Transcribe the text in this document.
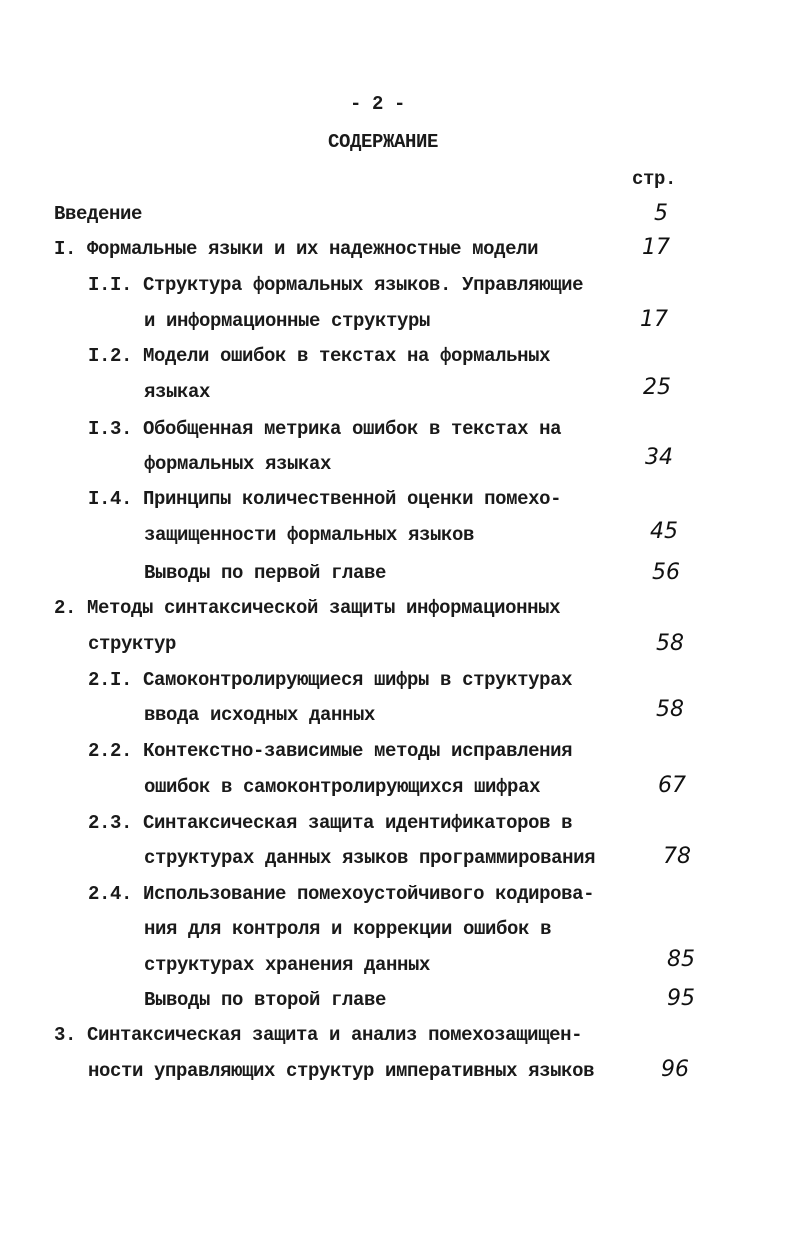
- 2 -
СОДЕРЖАНИЕ
стр.
Введение	5
I. Формальные языки и их надежностные модели	17
I.I. Структура формальных языков. Управляющие
и информационные структуры	17
I.2. Модели ошибок в текстах на формальных
языках	25
I.3. Обобщенная метрика ошибок в текстах на
формальных языках	34
I.4. Принципы количественной оценки помехо-
защищенности формальных языков	45
Выводы по первой главе	56
2. Методы синтаксической защиты информационных
структур	58
2.I. Самоконтролирующиеся шифры в структурах
ввода исходных данных	58
2.2. Контекстно-зависимые методы исправления
ошибок в самоконтролирующихся шифрах	67
2.3. Синтаксическая защита идентификаторов в
структурах данных языков программирования	78
2.4. Использование помехоустойчивого кодирова-
ния для контроля и коррекции ошибок в
структурах хранения данных	85
Выводы по второй главе	95
3. Синтаксическая защита и анализ помехозащищен-
ности управляющих структур императивных языков	96
